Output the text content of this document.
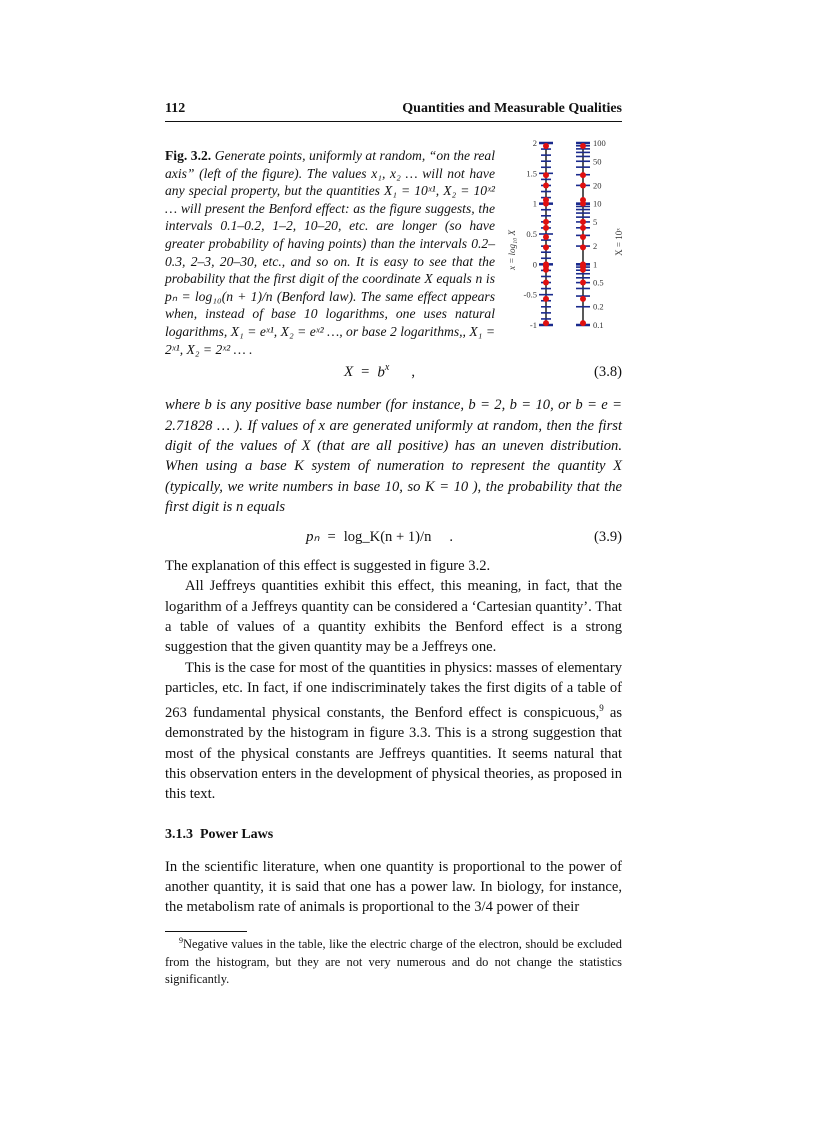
112	Quantities and Measurable Qualities
Fig. 3.2. Generate points, uniformly at random, “on the real axis” (left of the figure). The values x₁, x₂ … will not have any special property, but the quantities X₁ = 10ˣ¹, X₂ = 10ˣ² … will present the Benford effect: as the figure suggests, the intervals 0.1–0.2, 1–2, 10–20, etc. are longer (so have greater probability of having points) than the intervals 0.2–0.3, 2–3, 20–30, etc., and so on. It is easy to see that the probability that the first digit of the coordinate X equals n is pₙ = log₁₀(n + 1)/n (Benford law). The same effect appears when, instead of base 10 logarithms, one uses natural logarithms, X₁ = eˣ¹, X₂ = eˣ² …, or base 2 logarithms,, X₁ = 2ˣ¹, X₂ = 2ˣ² … .
2
1.5
1
0.5
0
-0.5
-1
100
50
20
10
5
2
1
0.5
0.2
0.1
x = log₁₀ X	X = 10ˣ
$X = b^x$ ,	(3.8)
where b is any positive base number (for instance, b = 2, b = 10, or b = e = 2.71828 … ). If values of x are generated uniformly at random, then the first digit of the values of X (that are all positive) has an uneven distribution. When using a base K system of numeration to represent the quantity X (typically, we write numbers in base 10, so K = 10 ), the probability that the first digit is n equals
pₙ = log_K(n + 1)/n .	(3.9)

The explanation of this effect is suggested in figure 3.2.

All Jeffreys quantities exhibit this effect, this meaning, in fact, that the logarithm of a Jeffreys quantity can be considered a ‘Cartesian quantity’. That a table of values of a quantity exhibits the Benford effect is a strong suggestion that the given quantity may be a Jeffreys one.

This is the case for most of the quantities in physics: masses of elementary particles, etc. In fact, if one indiscriminately takes the first digits of a table of 263 fundamental physical constants, the Benford effect is conspicuous,$^9$ as demonstrated by the histogram in figure 3.3. This is a strong suggestion that most of the physical constants are Jeffreys quantities. It seems natural that this observation enters in the development of physical theories, as proposed in this text.

3.1.3 Power Laws
In the scientific literature, when one quantity is proportional to the power of another quantity, it is said that one has a power law. In biology, for instance, the metabolism rate of animals is proportional to the 3/4 power of their
$^9$Negative values in the table, like the electric charge of the electron, should be excluded from the histogram, but they are not very numerous and do not change the statistics significantly.
